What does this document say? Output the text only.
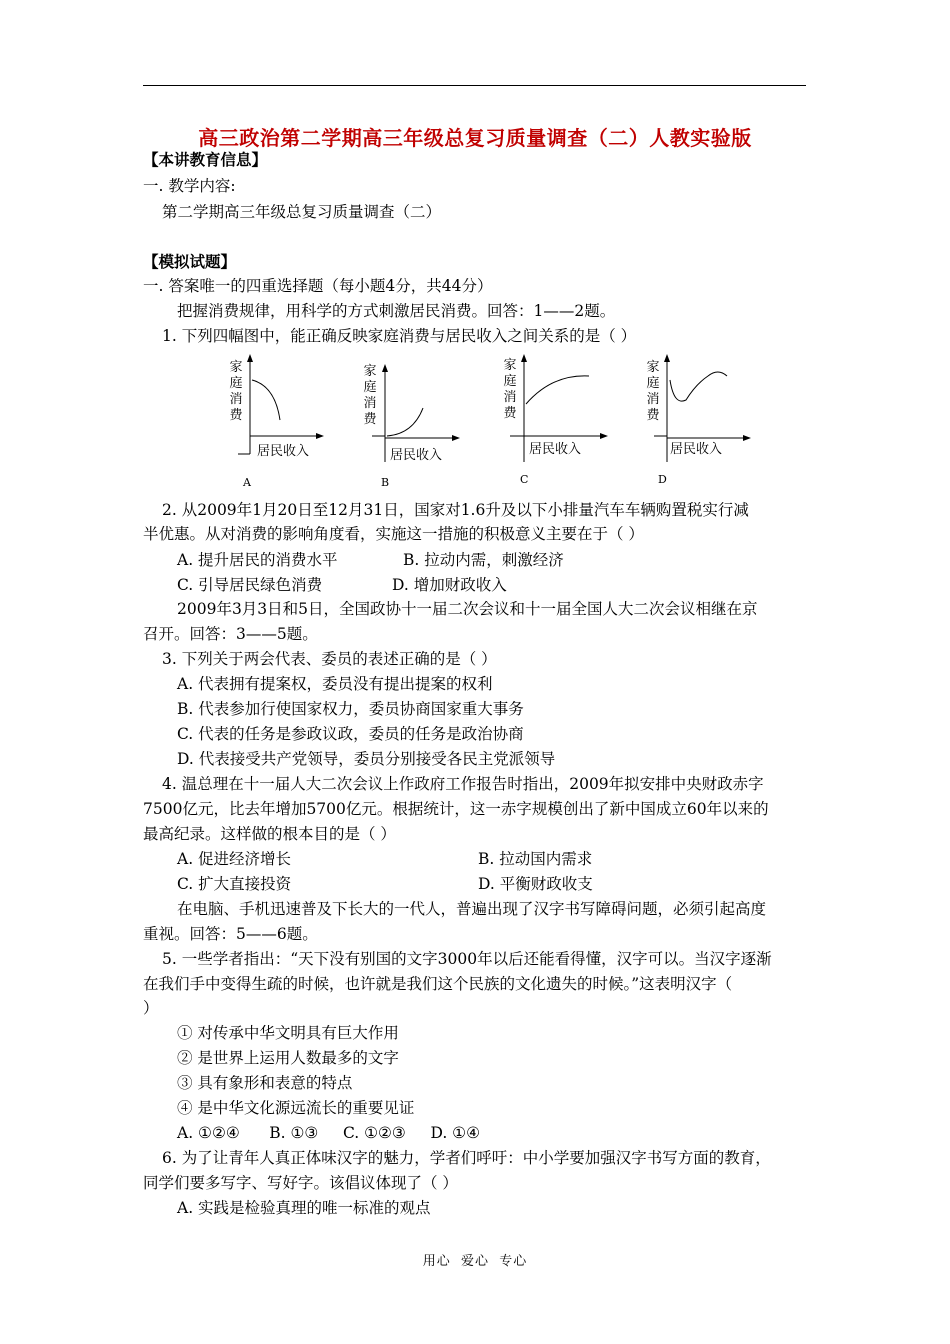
高三政治第二学期高三年级总复习质量调查（二）人教实验版
【本讲教育信息】
一. 教学内容:
第二学期高三年级总复习质量调查（二）
【模拟试题】
一. 答案唯一的四重选择题（每小题4分，共44分）
把握消费规律，用科学的方式刺激居民消费。回答：1——2题。
1. 下列四幅图中，能正确反映家庭消费与居民收入之间关系的是（ ）
家
庭
消
费
居民收入
A
家
庭
消
费
居民收入
B
家
庭
消
费
居民收入
C
家
庭
消
费
居民收入
D
2. 从2009年1月20日至12月31日，国家对1.6升及以下小排量汽车车辆购置税实行减
半优惠。从对消费的影响角度看，实施这一措施的积极意义主要在于（ ）
A. 提升居民的消费水平	B. 拉动内需，刺激经济
C. 引导居民绿色消费	D. 增加财政收入
2009年3月3日和5日，全国政协十一届二次会议和十一届全国人大二次会议相继在京
召开。回答：3——5题。
3. 下列关于两会代表、委员的表述正确的是（ ）
A. 代表拥有提案权，委员没有提出提案的权利
B. 代表参加行使国家权力，委员协商国家重大事务
C. 代表的任务是参政议政，委员的任务是政治协商
D. 代表接受共产党领导，委员分别接受各民主党派领导
4. 温总理在十一届人大二次会议上作政府工作报告时指出，2009年拟安排中央财政赤字
7500亿元，比去年增加5700亿元。根据统计，这一赤字规模创出了新中国成立60年以来的
最高纪录。这样做的根本目的是（ ）
A. 促进经济增长	B. 拉动国内需求
C. 扩大直接投资	D. 平衡财政收支
在电脑、手机迅速普及下长大的一代人，普遍出现了汉字书写障碍问题，必须引起高度
重视。回答：5——6题。
5. 一些学者指出：“天下没有别国的文字3000年以后还能看得懂，汉字可以。当汉字逐渐
在我们手中变得生疏的时候，也许就是我们这个民族的文化遗失的时候。”这表明汉字（
）
① 对传承中华文明具有巨大作用
② 是世界上运用人数最多的文字
③ 具有象形和表意的特点
④ 是中华文化源远流长的重要见证
A. ①②④      B. ①③     C. ①②③     D. ①④
6. 为了让青年人真正体味汉字的魅力，学者们呼吁：中小学要加强汉字书写方面的教育，
同学们要多写字、写好字。该倡议体现了（ ）
A. 实践是检验真理的唯一标准的观点
用心  爱心  专心
